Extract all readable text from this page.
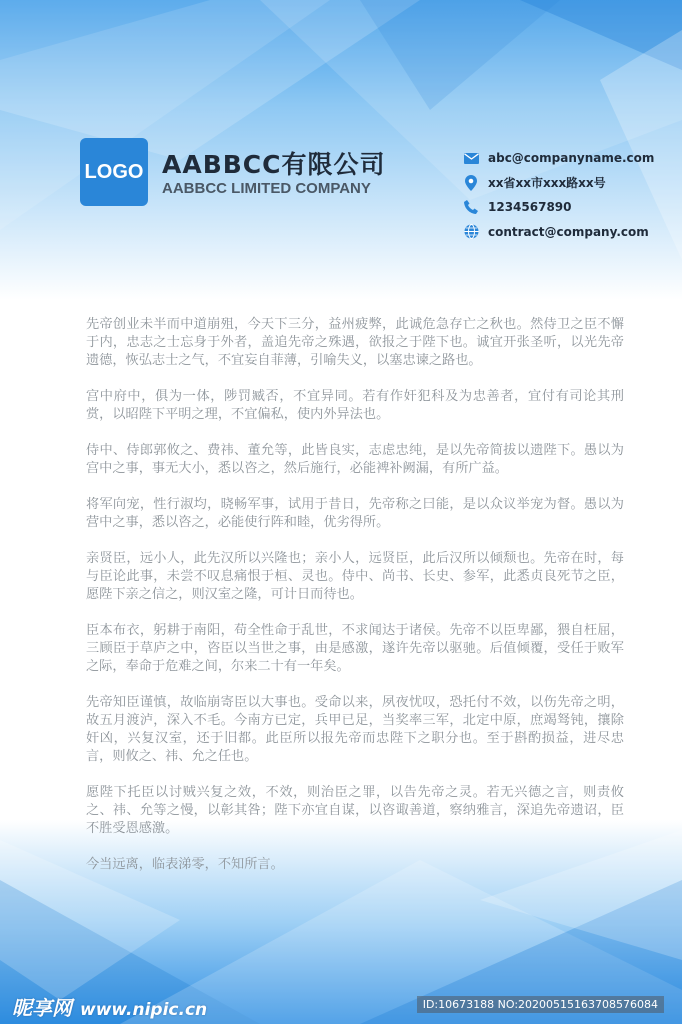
LOGO AABBCC有限公司
AABBCC LIMITED COMPANY
abc@companyname.com
xx省xx市xxx路xx号
1234567890
contract@company.com

先帝创业未半而中道崩殂，今天下三分，益州疲弊，此诚危急存亡之秋也。然侍卫之臣不懈于内，忠志之士忘身于外者，盖追先帝之殊遇，欲报之于陛下也。诚宜开张圣听，以光先帝遗德，恢弘志士之气，不宜妄自菲薄，引喻失义，以塞忠谏之路也。

宫中府中，俱为一体，陟罚臧否，不宜异同。若有作奸犯科及为忠善者，宜付有司论其刑赏，以昭陛下平明之理，不宜偏私，使内外异法也。

侍中、侍郎郭攸之、费祎、董允等，此皆良实，志虑忠纯，是以先帝简拔以遗陛下。愚以为宫中之事，事无大小，悉以咨之，然后施行，必能裨补阙漏，有所广益。

将军向宠，性行淑均，晓畅军事，试用于昔日，先帝称之曰能，是以众议举宠为督。愚以为营中之事，悉以咨之，必能使行阵和睦，优劣得所。

亲贤臣，远小人，此先汉所以兴隆也；亲小人，远贤臣，此后汉所以倾颓也。先帝在时，每与臣论此事，未尝不叹息痛恨于桓、灵也。侍中、尚书、长史、参军，此悉贞良死节之臣，愿陛下亲之信之，则汉室之隆，可计日而待也。

臣本布衣，躬耕于南阳，苟全性命于乱世，不求闻达于诸侯。先帝不以臣卑鄙，猥自枉屈，三顾臣于草庐之中，咨臣以当世之事，由是感激，遂许先帝以驱驰。后值倾覆，受任于败军之际，奉命于危难之间，尔来二十有一年矣。

先帝知臣谨慎，故临崩寄臣以大事也。受命以来，夙夜忧叹，恐托付不效，以伤先帝之明，故五月渡泸，深入不毛。今南方已定，兵甲已足，当奖率三军，北定中原，庶竭驽钝，攘除奸凶，兴复汉室，还于旧都。此臣所以报先帝而忠陛下之职分也。至于斟酌损益，进尽忠言，则攸之、祎、允之任也。

愿陛下托臣以讨贼兴复之效，不效，则治臣之罪，以告先帝之灵。若无兴德之言，则责攸之、祎、允等之慢，以彰其咎；陛下亦宜自谋，以咨诹善道，察纳雅言，深追先帝遗诏，臣不胜受恩感激。

今当远离，临表涕零，不知所言。

昵享网 www.nipic.cn	ID:10673188 NO:20200515163708576084
